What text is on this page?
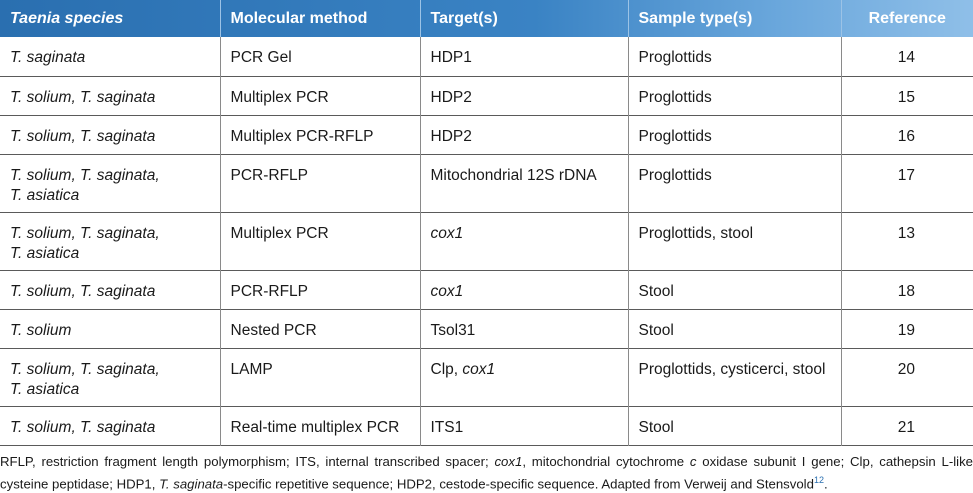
Taenia species	Molecular method	Target(s)	Sample type(s)	Reference
T. saginata	PCR Gel	HDP1	Proglottids	14
T. solium, T. saginata	Multiplex PCR	HDP2	Proglottids	15
T. solium, T. saginata	Multiplex PCR-RFLP	HDP2	Proglottids	16
T. solium, T. saginata,
T. asiatica	PCR-RFLP	Mitochondrial 12S rDNA	Proglottids	17
T. solium, T. saginata,
T. asiatica	Multiplex PCR	cox1	Proglottids, stool	13
T. solium, T. saginata	PCR-RFLP	cox1	Stool	18
T. solium	Nested PCR	Tsol31	Stool	19
T. solium, T. saginata,
T. asiatica	LAMP	Clp, cox1	Proglottids, cysticerci, stool	20
T. solium, T. saginata	Real-time multiplex PCR	ITS1	Stool	21
RFLP, restriction fragment length polymorphism; ITS, internal transcribed spacer; cox1, mitochondrial cytochrome c oxidase subunit I gene; Clp, cathepsin L-like cysteine peptidase; HDP1, T. saginata-specific repetitive sequence; HDP2, cestode-specific sequence. Adapted from Verweij and Stensvold$^{12}$.
